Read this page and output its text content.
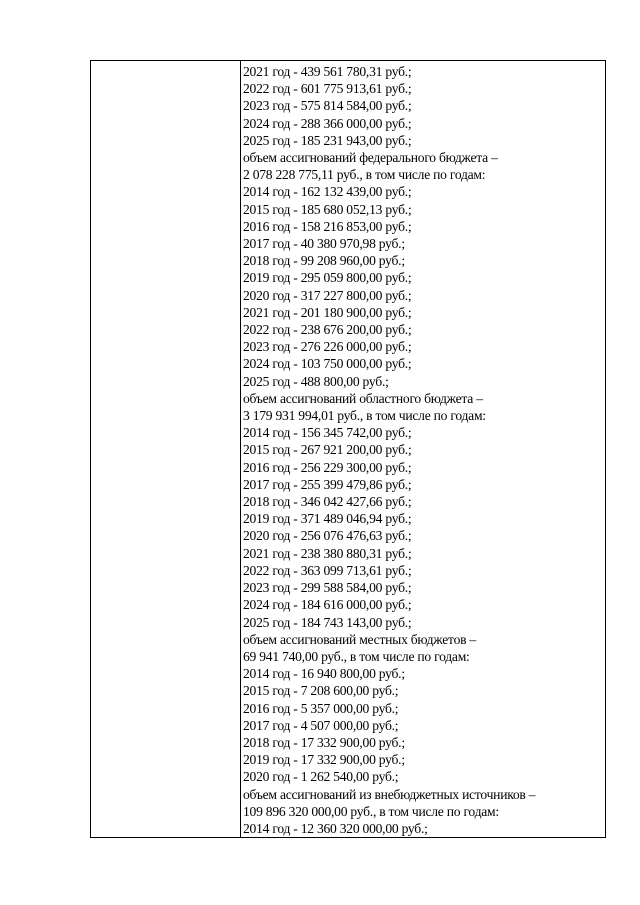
2021 год - 439 561 780,31 руб.;
2022 год - 601 775 913,61 руб.;
2023 год - 575 814 584,00 руб.;
2024 год - 288 366 000,00 руб.;
2025 год - 185 231 943,00 руб.;
объем ассигнований федерального бюджета –
2 078 228 775,11 руб., в том числе по годам:
2014 год - 162 132 439,00 руб.;
2015 год - 185 680 052,13 руб.;
2016 год - 158 216 853,00 руб.;
2017 год - 40 380 970,98 руб.;
2018 год - 99 208 960,00 руб.;
2019 год - 295 059 800,00 руб.;
2020 год - 317 227 800,00 руб.;
2021 год - 201 180 900,00 руб.;
2022 год - 238 676 200,00 руб.;
2023 год - 276 226 000,00 руб.;
2024 год - 103 750 000,00 руб.;
2025 год - 488 800,00 руб.;
объем ассигнований областного бюджета –
3 179 931 994,01 руб., в том числе по годам:
2014 год - 156 345 742,00 руб.;
2015 год - 267 921 200,00 руб.;
2016 год - 256 229 300,00 руб.;
2017 год - 255 399 479,86 руб.;
2018 год - 346 042 427,66 руб.;
2019 год - 371 489 046,94 руб.;
2020 год - 256 076 476,63 руб.;
2021 год - 238 380 880,31 руб.;
2022 год - 363 099 713,61 руб.;
2023 год - 299 588 584,00 руб.;
2024 год - 184 616 000,00 руб.;
2025 год - 184 743 143,00 руб.;
объем ассигнований местных бюджетов –
69 941 740,00 руб., в том числе по годам:
2014 год - 16 940 800,00 руб.;
2015 год - 7 208 600,00 руб.;
2016 год - 5 357 000,00 руб.;
2017 год - 4 507 000,00 руб.;
2018 год - 17 332 900,00 руб.;
2019 год - 17 332 900,00 руб.;
2020 год - 1 262 540,00 руб.;
объем ассигнований из внебюджетных источников –
109 896 320 000,00 руб., в том числе по годам:
2014 год - 12 360 320 000,00 руб.;
